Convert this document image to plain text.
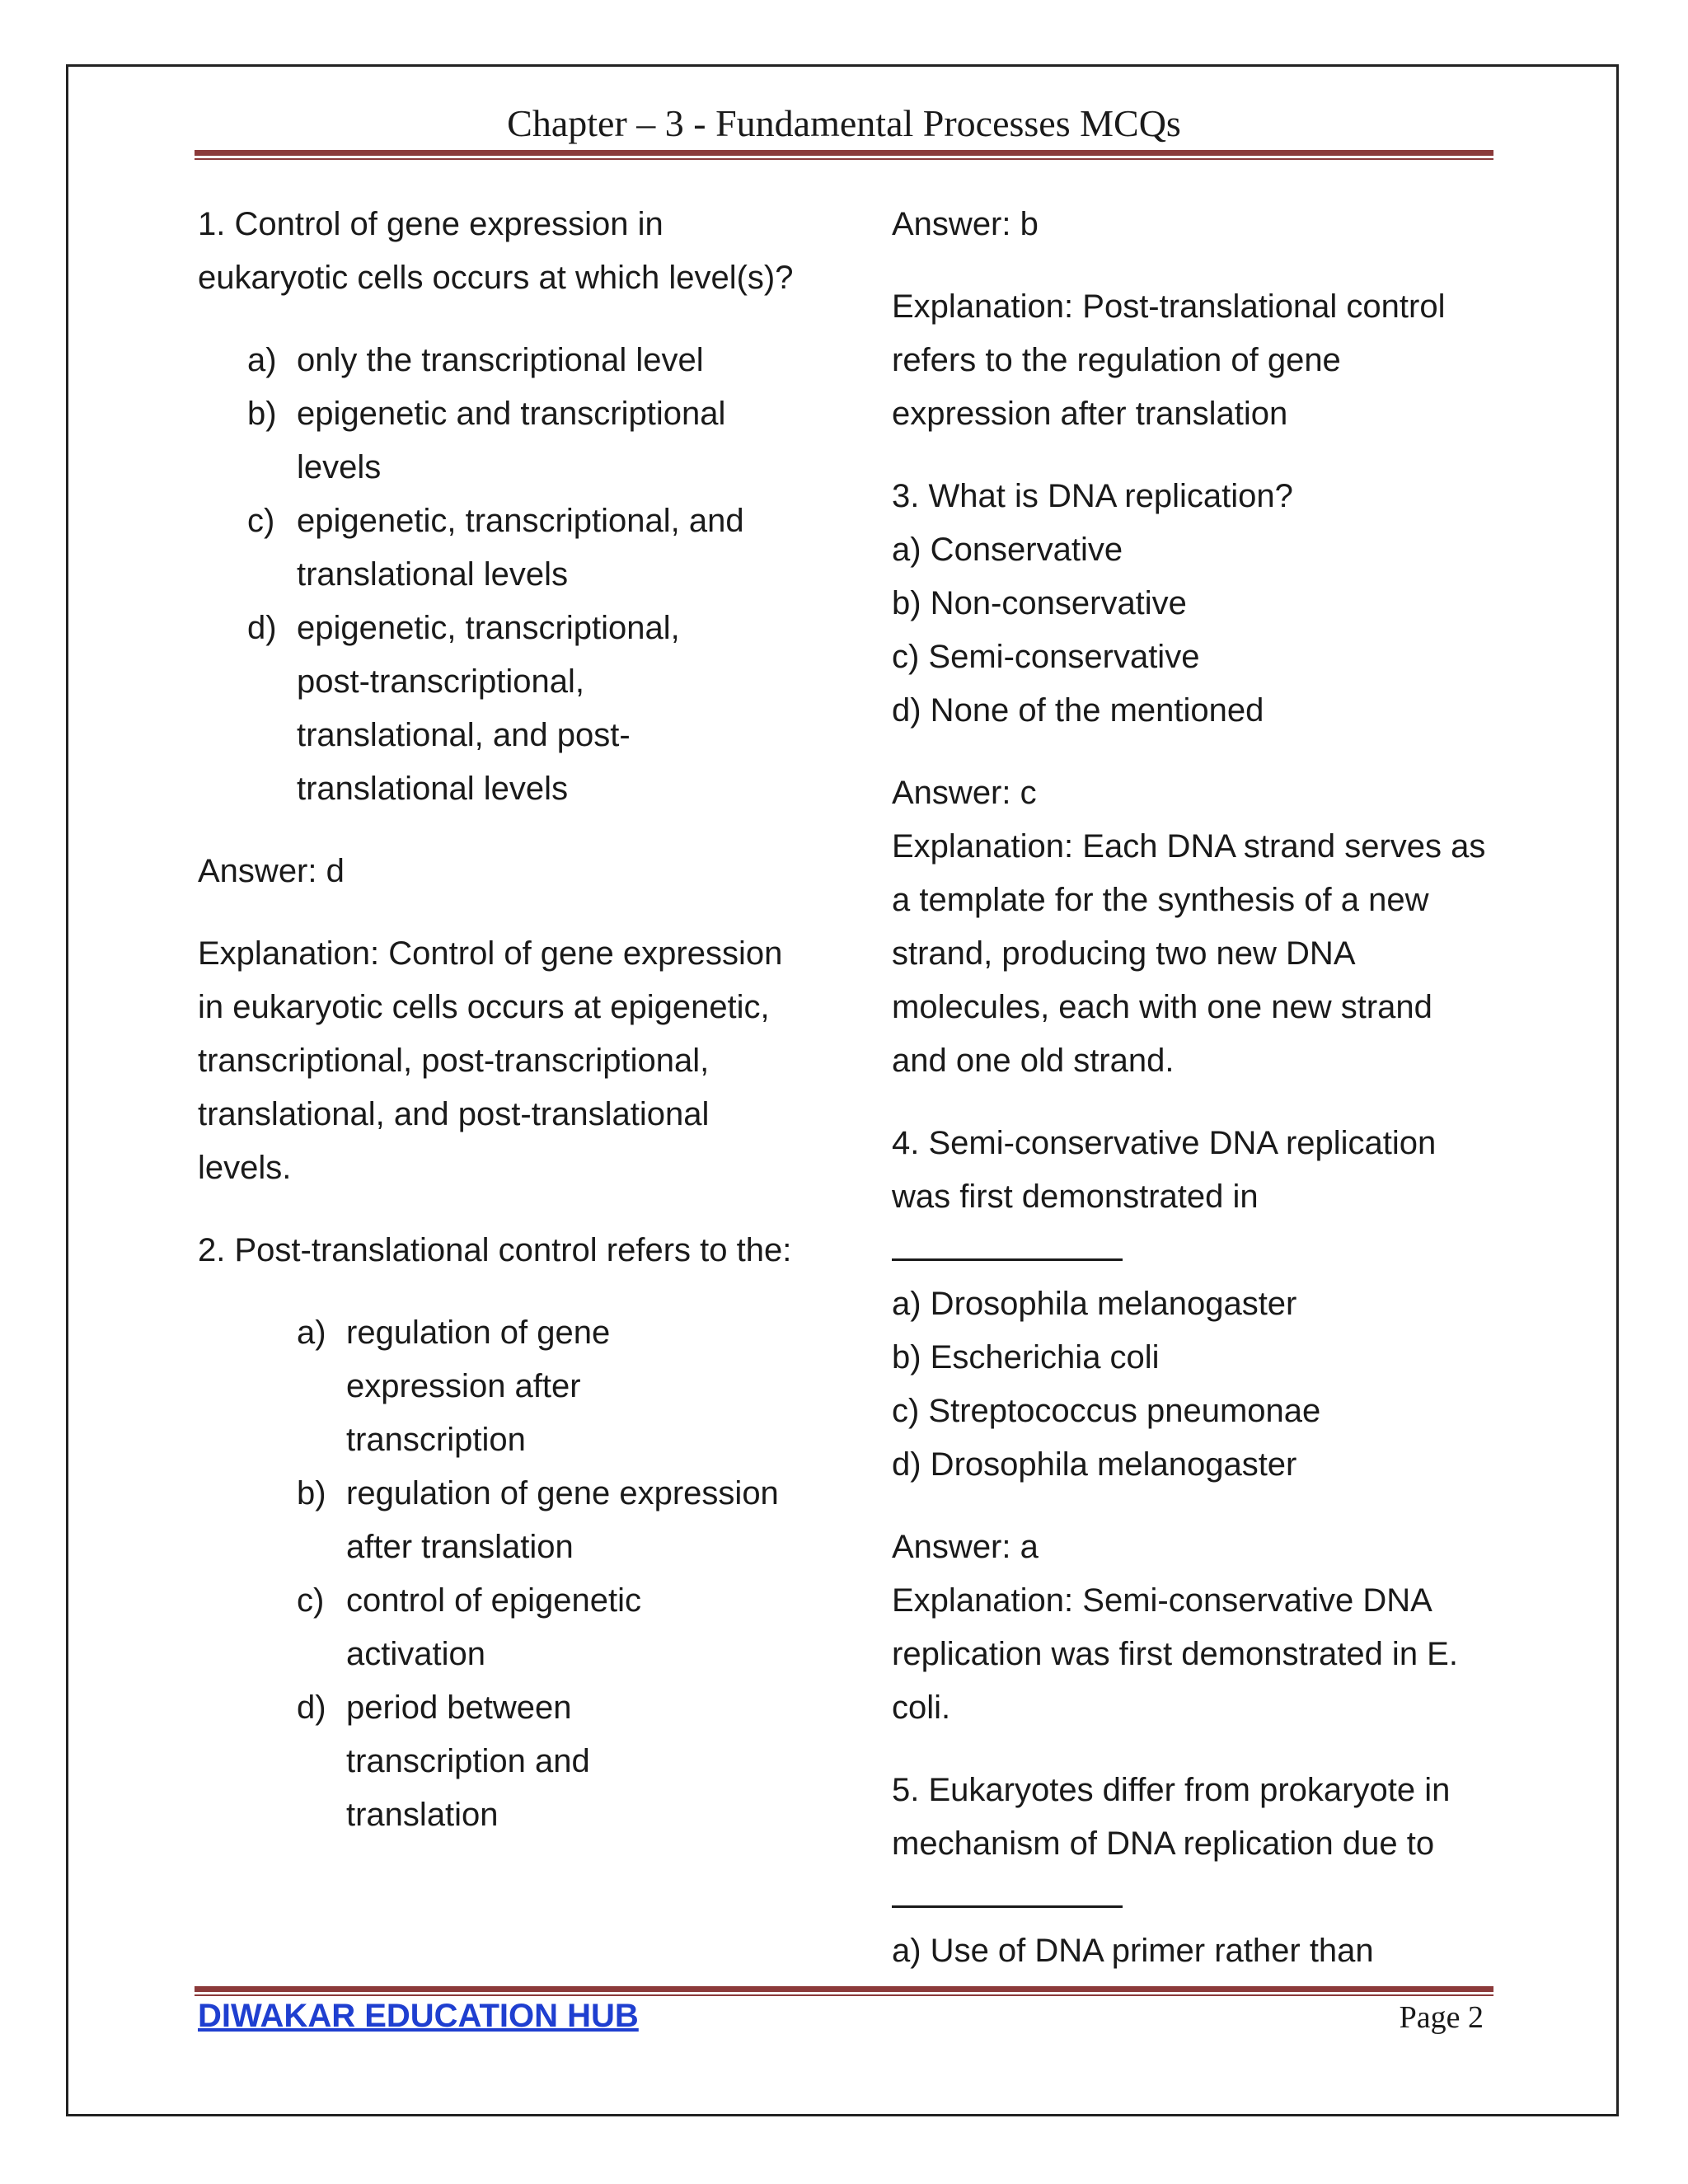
Chapter – 3 - Fundamental Processes MCQs

1. Control of gene expression in eukaryotic cells occurs at which level(s)?

a) only the transcriptional level
b) epigenetic and transcriptional levels
c) epigenetic, transcriptional, and translational levels
d) epigenetic, transcriptional, post-transcriptional, translational, and post-translational levels

Answer: d

Explanation: Control of gene expression in eukaryotic cells occurs at epigenetic, transcriptional, post-transcriptional, translational, and post-translational levels.

2. Post-translational control refers to the:

a) regulation of gene expression after transcription
b) regulation of gene expression after translation
c) control of epigenetic activation
d) period between transcription and translation

Answer: b

Explanation: Post-translational control refers to the regulation of gene expression after translation

3. What is DNA replication?

a) Conservative

b) Non-conservative

c) Semi-conservative

d) None of the mentioned

Answer: c

Explanation: Each DNA strand serves as a template for the synthesis of a new strand, producing two new DNA molecules, each with one new strand and one old strand.

4. Semi-conservative DNA replication was first demonstrated in

a) Drosophila melanogaster

b) Escherichia coli

c) Streptococcus pneumonae

d) Drosophila melanogaster

Answer: a

Explanation: Semi-conservative DNA replication was first demonstrated in E. coli.

5. Eukaryotes differ from prokaryote in mechanism of DNA replication due to

a) Use of DNA primer rather than

DIWAKAR EDUCATION HUB	Page 2
